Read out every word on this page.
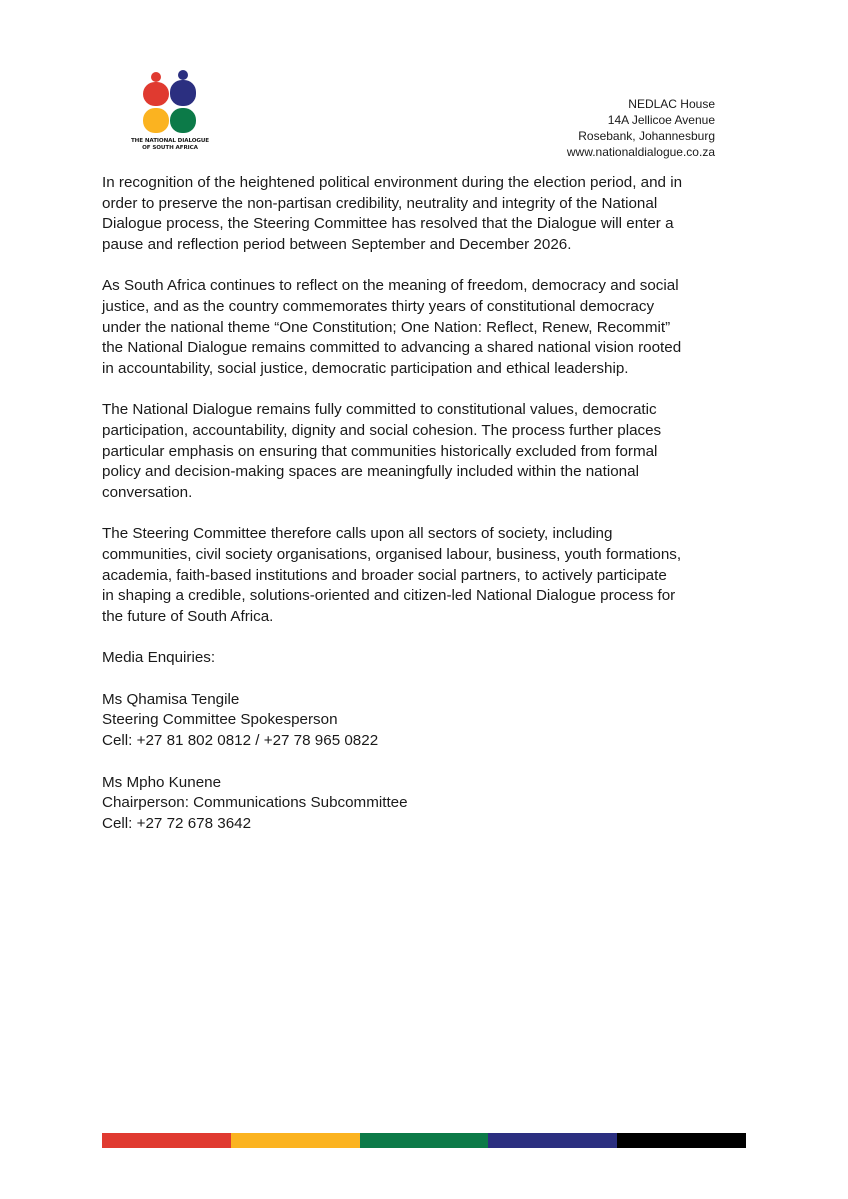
THE NATIONAL DIALOGUE
OF SOUTH AFRICA
NEDLAC House
14A Jellicoe Avenue
Rosebank, Johannesburg
www.nationaldialogue.co.za

In recognition of the heightened political environment during the election period, and in
order to preserve the non-partisan credibility, neutrality and integrity of the National
Dialogue process, the Steering Committee has resolved that the Dialogue will enter a
pause and reflection period between September and December 2026.

As South Africa continues to reflect on the meaning of freedom, democracy and social
justice, and as the country commemorates thirty years of constitutional democracy
under the national theme “One Constitution; One Nation: Reflect, Renew, Recommit”
the National Dialogue remains committed to advancing a shared national vision rooted
in accountability, social justice, democratic participation and ethical leadership.

The National Dialogue remains fully committed to constitutional values, democratic
participation, accountability, dignity and social cohesion. The process further places
particular emphasis on ensuring that communities historically excluded from formal
policy and decision-making spaces are meaningfully included within the national
conversation.

The Steering Committee therefore calls upon all sectors of society, including
communities, civil society organisations, organised labour, business, youth formations,
academia, faith-based institutions and broader social partners, to actively participate
in shaping a credible, solutions-oriented and citizen-led National Dialogue process for
the future of South Africa.

Media Enquiries:

Ms Qhamisa Tengile
Steering Committee Spokesperson
Cell: +27 81 802 0812 / +27 78 965 0822
Ms Mpho Kunene
Chairperson: Communications Subcommittee
Cell: +27 72 678 3642
